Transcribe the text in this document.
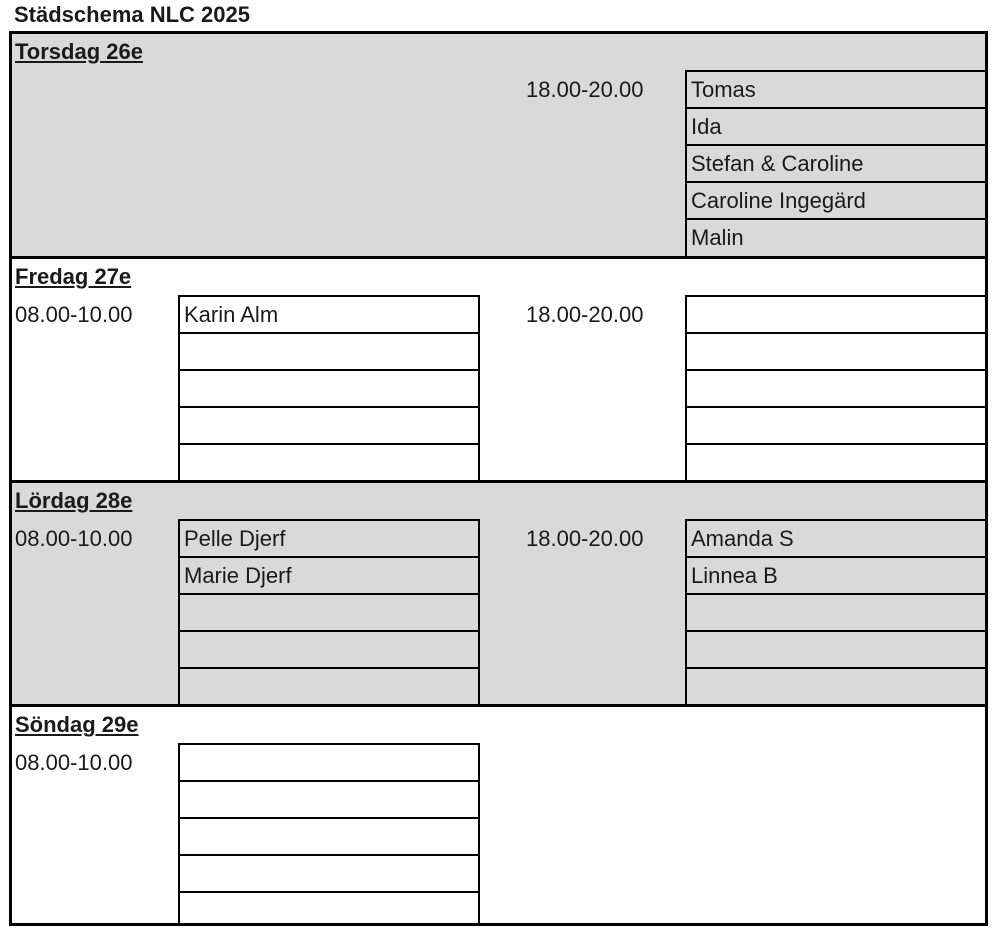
Städschema NLC 2025
Torsdag 26e
18.00-20.00 Tomas
Ida
Stefan & Caroline
Caroline Ingegärd
Malin
Fredag 27e
08.00-10.00 Karin Alm	18.00-20.00
Lördag 28e
08.00-10.00 Pelle Djerf
Marie Djerf
18.00-20.00 Amanda S
Linnea B
Söndag 29e
08.00-10.00
